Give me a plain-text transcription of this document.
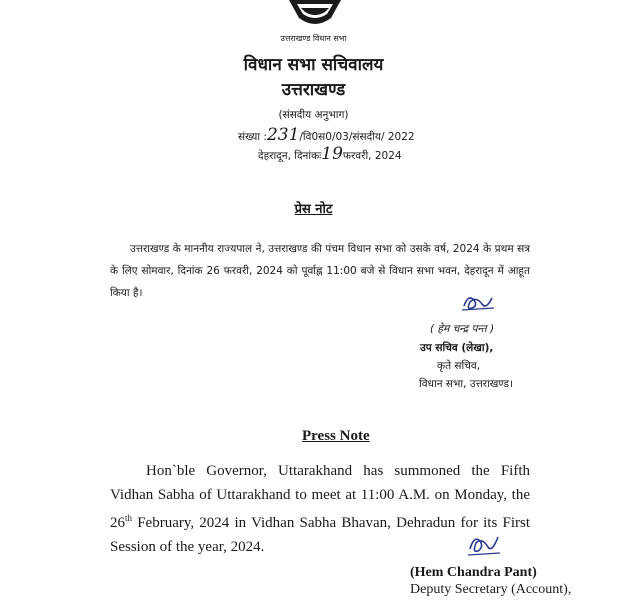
उत्तराखण्ड विधान सभा
विधान सभा सचिवालय
उत्तराखण्ड
(संसदीय अनुभाग)
संख्या :231/वि0स0/03/संसदीय/ 2022
देहरादून, दिनांकः19फरवरी, 2024
प्रेस नोट

उत्तराखण्ड के माननीय राज्यपाल ने, उत्तराखण्ड की पंचम विधान सभा को उसके वर्ष, 2024 के प्रथम सत्र के लिए सोमवार, दिनांक 26 फरवरी, 2024 को पूर्वाह्न 11:00 बजे से विधान सभा भवन, देहरादून में आहूत किया है।

( हेम चन्द्र पन्त )
उप सचिव (लेखा),
कृते सचिव,
विधान सभा, उत्तराखण्ड।
Press Note

Hon`ble Governor, Uttarakhand has summoned the Fifth Vidhan Sabha of Uttarakhand to meet at 11:00 A.M. on Monday, the 26th February, 2024 in Vidhan Sabha Bhavan, Dehradun for its First Session of the year, 2024.

(Hem Chandra Pant)
Deputy Secretary (Account),
